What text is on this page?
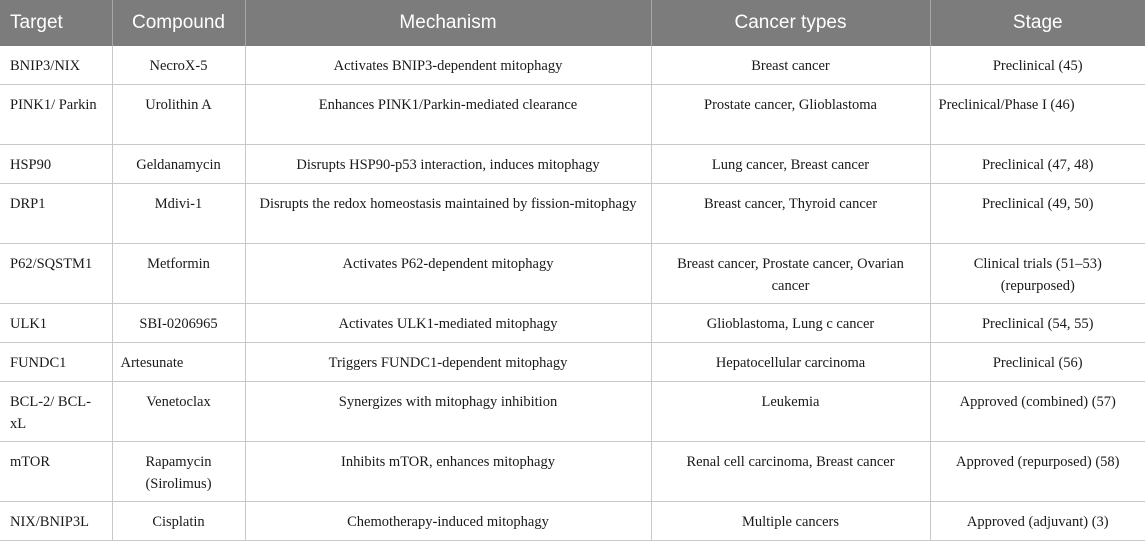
Target	Compound	Mechanism	Cancer types	Stage
BNIP3/NIX	NecroX-5	Activates BNIP3-dependent mitophagy	Breast cancer	Preclinical (45)
PINK1/ Parkin	Urolithin A	Enhances PINK1/Parkin-mediated clearance	Prostate cancer, Glioblastoma	Preclinical/Phase I (46)
HSP90	Geldanamycin	Disrupts HSP90-p53 interaction, induces mitophagy	Lung cancer, Breast cancer	Preclinical (47, 48)
DRP1	Mdivi-1	Disrupts the redox homeostasis maintained by fission-mitophagy	Breast cancer, Thyroid cancer	Preclinical (49, 50)
P62/SQSTM1	Metformin	Activates P62-dependent mitophagy	Breast cancer, Prostate cancer, Ovarian cancer	Clinical trials (51–53) (repurposed)
ULK1	SBI-0206965	Activates ULK1-mediated mitophagy	Glioblastoma, Lung c cancer	Preclinical (54, 55)
FUNDC1	Artesunate	Triggers FUNDC1-dependent mitophagy	Hepatocellular carcinoma	Preclinical (56)
BCL-2/ BCL-xL	Venetoclax	Synergizes with mitophagy inhibition	Leukemia	Approved (combined) (57)
mTOR	Rapamycin (Sirolimus)	Inhibits mTOR, enhances mitophagy	Renal cell carcinoma, Breast cancer	Approved (repurposed) (58)
NIX/BNIP3L	Cisplatin	Chemotherapy-induced mitophagy	Multiple cancers	Approved (adjuvant) (3)
